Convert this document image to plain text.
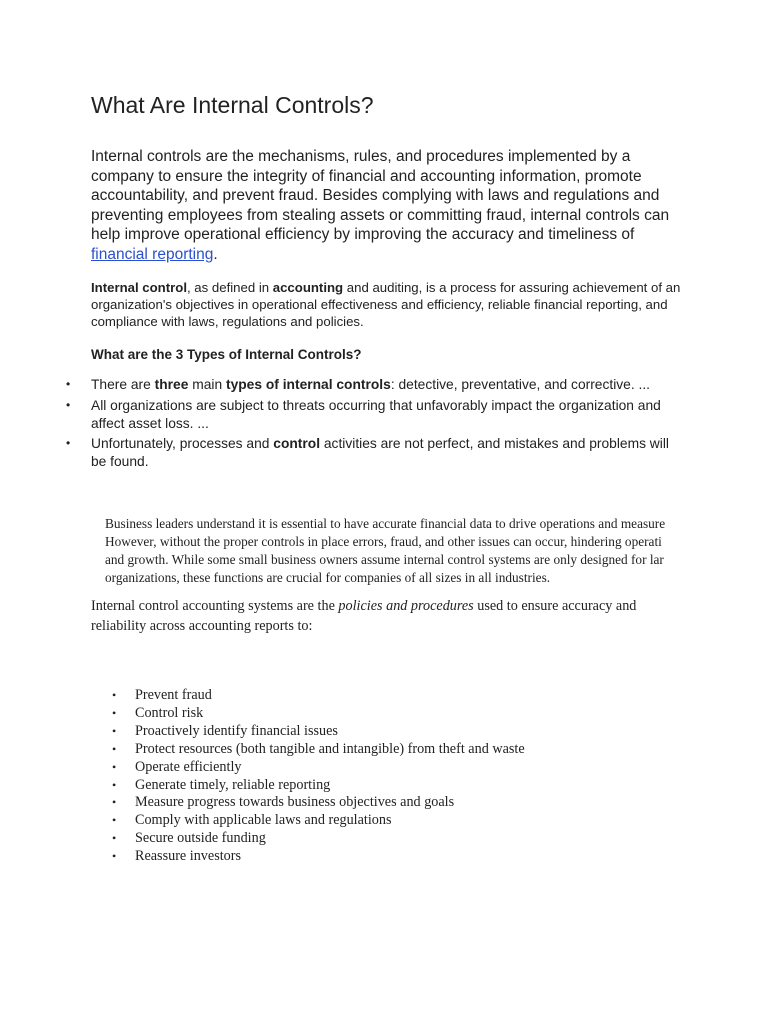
What Are Internal Controls?

Internal controls are the mechanisms, rules, and procedures implemented by a company to ensure the integrity of financial and accounting information, promote accountability, and prevent fraud. Besides complying with laws and regulations and preventing employees from stealing assets or committing fraud, internal controls can help improve operational efficiency by improving the accuracy and timeliness of financial reporting.

Internal control, as defined in accounting and auditing, is a process for assuring achievement of an organization's objectives in operational effectiveness and efficiency, reliable financial reporting, and compliance with laws, regulations and policies.

What are the 3 Types of Internal Controls?

• There are three main types of internal controls: detective, preventative, and corrective. ...
• All organizations are subject to threats occurring that unfavorably impact the organization and affect asset loss. ...
• Unfortunately, processes and control activities are not perfect, and mistakes and problems will be found.
Business leaders understand it is essential to have accurate financial data to drive operations and measure
However, without the proper controls in place errors, fraud, and other issues can occur, hindering operati
and growth. While some small business owners assume internal control systems are only designed for lar
organizations, these functions are crucial for companies of all sizes in all industries.

Internal control accounting systems are the policies and procedures used to ensure accuracy and reliability across accounting reports to:

• Prevent fraud
• Control risk
• Proactively identify financial issues
• Protect resources (both tangible and intangible) from theft and waste
• Operate efficiently
• Generate timely, reliable reporting
• Measure progress towards business objectives and goals
• Comply with applicable laws and regulations
• Secure outside funding
• Reassure investors
